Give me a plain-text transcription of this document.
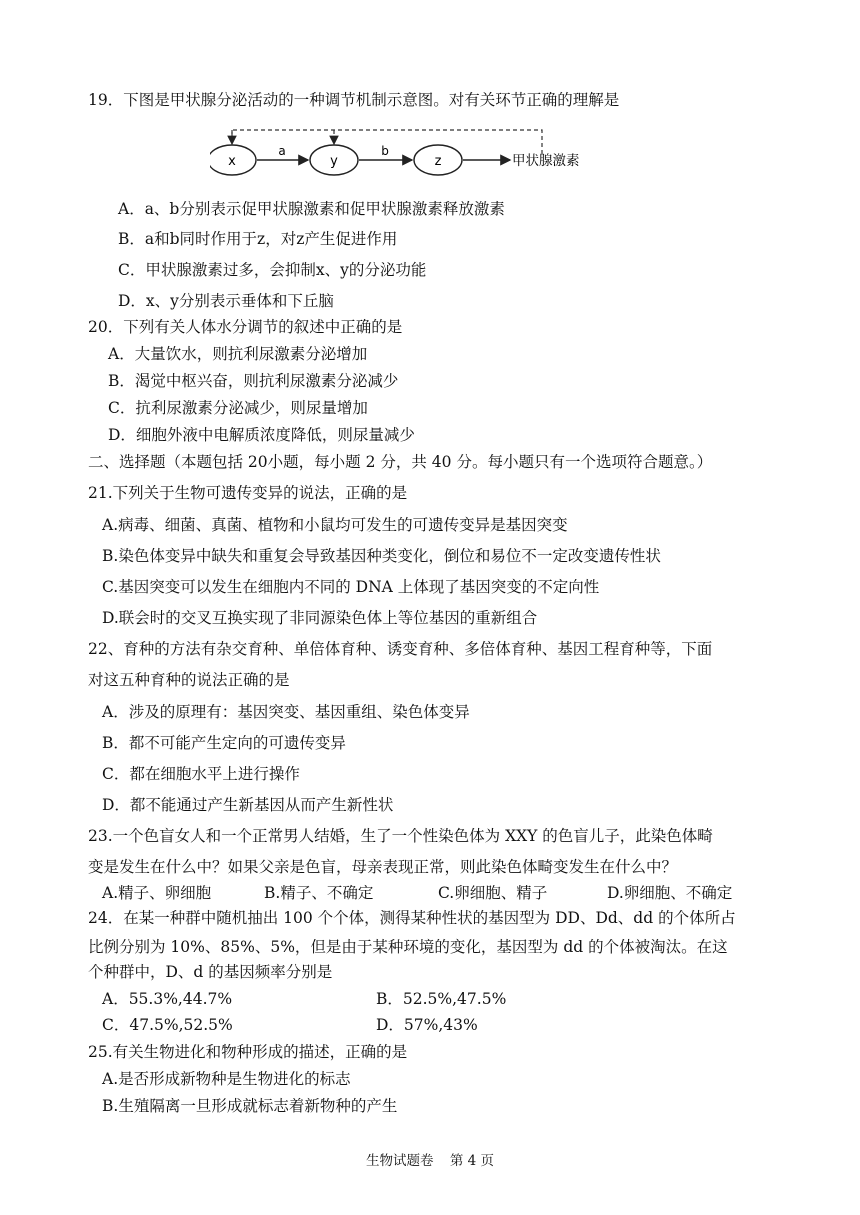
19．下图是甲状腺分泌活动的一种调节机制示意图。对有关环节正确的理解是
x	y	z
a	b
甲状腺激素
A．a、b分别表示促甲状腺激素和促甲状腺激素释放激素
B．a和b同时作用于z，对z产生促进作用
C．甲状腺激素过多，会抑制x、y的分泌功能
D．x、y分别表示垂体和下丘脑
20．下列有关人体水分调节的叙述中正确的是
A．大量饮水，则抗利尿激素分泌增加
B．渴觉中枢兴奋，则抗利尿激素分泌减少
C．抗利尿激素分泌减少，则尿量增加
D．细胞外液中电解质浓度降低，则尿量减少
二、选择题（本题包括 20小题，每小题 2 分，共 40 分。每小题只有一个选项符合题意。）
21.下列关于生物可遗传变异的说法，正确的是
A.病毒、细菌、真菌、植物和小鼠均可发生的可遗传变异是基因突变
B.染色体变异中缺失和重复会导致基因种类变化，倒位和易位不一定改变遗传性状
C.基因突变可以发生在细胞内不同的 DNA 上体现了基因突变的不定向性
D.联会时的交叉互换实现了非同源染色体上等位基因的重新组合
22、育种的方法有杂交育种、单倍体育种、诱变育种、多倍体育种、基因工程育种等，下面
对这五种育种的说法正确的是
A．涉及的原理有：基因突变、基因重组、染色体变异
B．都不可能产生定向的可遗传变异
C．都在细胞水平上进行操作
D．都不能通过产生新基因从而产生新性状
23.一个色盲女人和一个正常男人结婚，生了一个性染色体为 XXY 的色盲儿子，此染色体畸
变是发生在什么中？如果父亲是色盲，母亲表现正常，则此染色体畸变发生在什么中？
A.精子、卵细胞	B.精子、不确定	C.卵细胞、精子	D.卵细胞、不确定
24．在某一种群中随机抽出 100 个个体，测得某种性状的基因型为 DD、Dd、dd 的个体所占
比例分别为 10%、85%、5%，但是由于某种环境的变化，基因型为 dd 的个体被淘汰。在这
个种群中，D、d 的基因频率分别是
A．55.3%,44.7%	B．52.5%,47.5%
C．47.5%,52.5%	D．57%,43%
25.有关生物进化和物种形成的描述，正确的是
A.是否形成新物种是生物进化的标志
B.生殖隔离一旦形成就标志着新物种的产生
生物试题卷 第 4 页
